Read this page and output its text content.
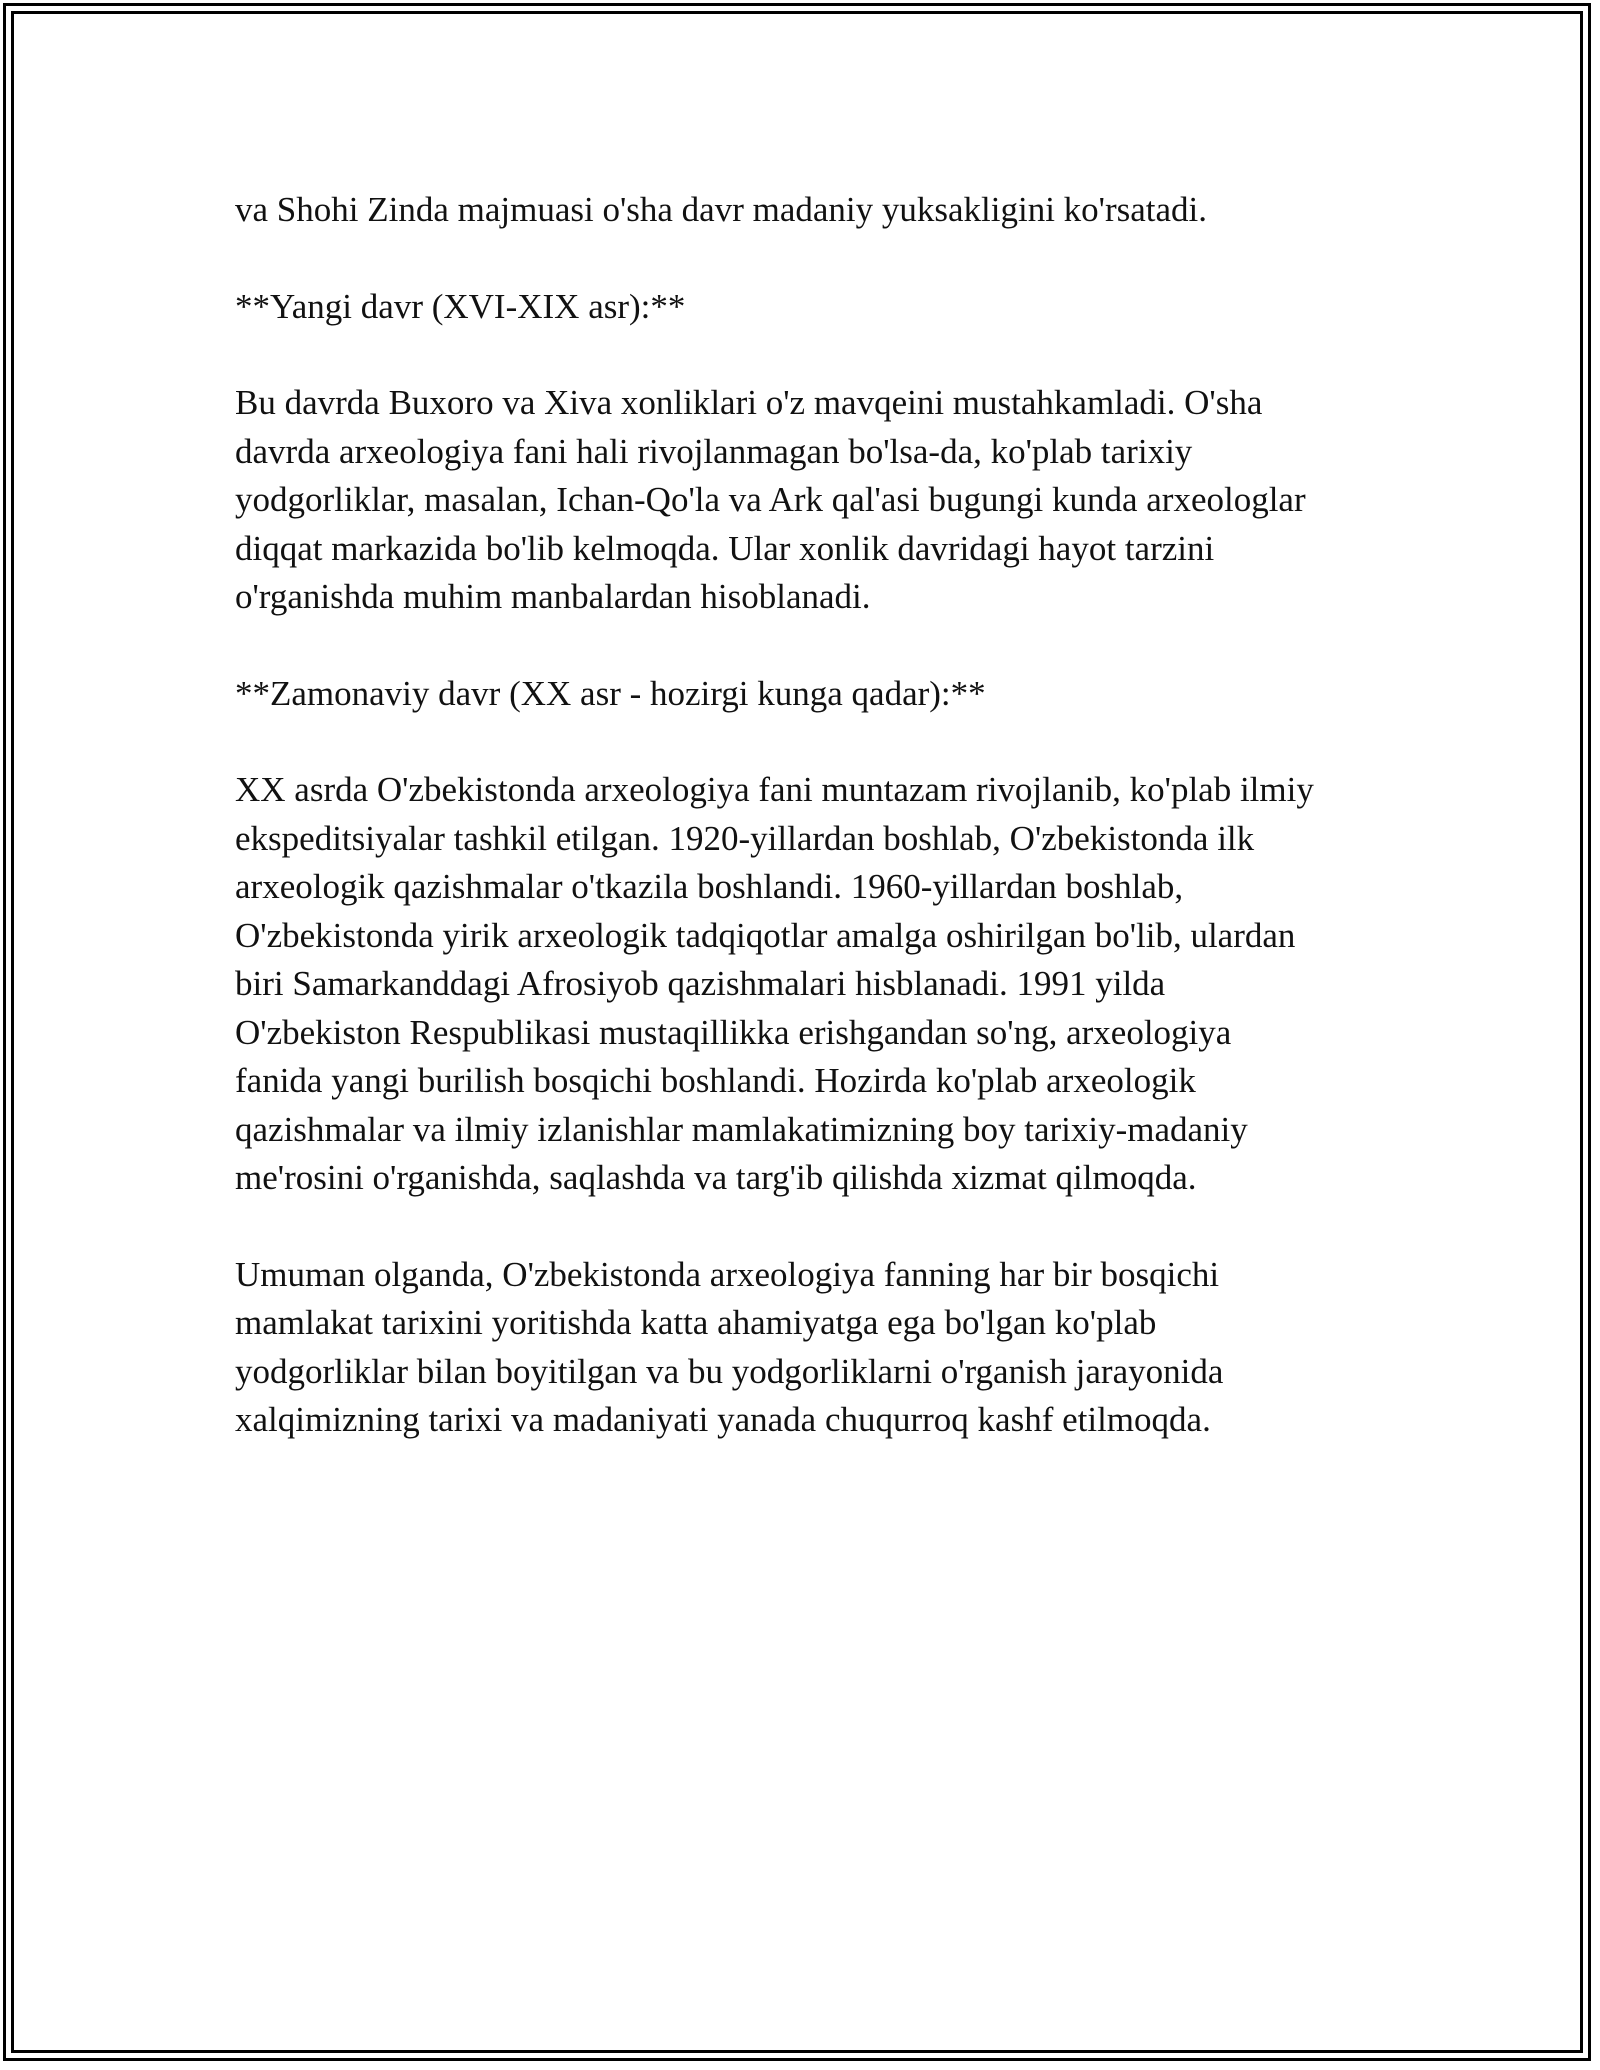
va Shohi Zinda majmuasi o'sha davr madaniy yuksakligini ko'rsatadi.

**Yangi davr (XVI-XIX asr):**

Bu davrda Buxoro va Xiva xonliklari o'z mavqeini mustahkamladi. O'sha
davrda arxeologiya fani hali rivojlanmagan bo'lsa-da, ko'plab tarixiy
yodgorliklar, masalan, Ichan-Qo'la va Ark qal'asi bugungi kunda arxeologlar
diqqat markazida bo'lib kelmoqda. Ular xonlik davridagi hayot tarzini
o'rganishda muhim manbalardan hisoblanadi.

**Zamonaviy davr (XX asr - hozirgi kunga qadar):**

XX asrda O'zbekistonda arxeologiya fani muntazam rivojlanib, ko'plab ilmiy
ekspeditsiyalar tashkil etilgan. 1920-yillardan boshlab, O'zbekistonda ilk
arxeologik qazishmalar o'tkazila boshlandi. 1960-yillardan boshlab,
O'zbekistonda yirik arxeologik tadqiqotlar amalga oshirilgan bo'lib, ulardan
biri Samarkanddagi Afrosiyob qazishmalari hisblanadi. 1991 yilda
O'zbekiston Respublikasi mustaqillikka erishgandan so'ng, arxeologiya
fanida yangi burilish bosqichi boshlandi. Hozirda ko'plab arxeologik
qazishmalar va ilmiy izlanishlar mamlakatimizning boy tarixiy-madaniy
me'rosini o'rganishda, saqlashda va targ'ib qilishda xizmat qilmoqda.

Umuman olganda, O'zbekistonda arxeologiya fanning har bir bosqichi
mamlakat tarixini yoritishda katta ahamiyatga ega bo'lgan ko'plab
yodgorliklar bilan boyitilgan va bu yodgorliklarni o'rganish jarayonida
xalqimizning tarixi va madaniyati yanada chuqurroq kashf etilmoqda.
